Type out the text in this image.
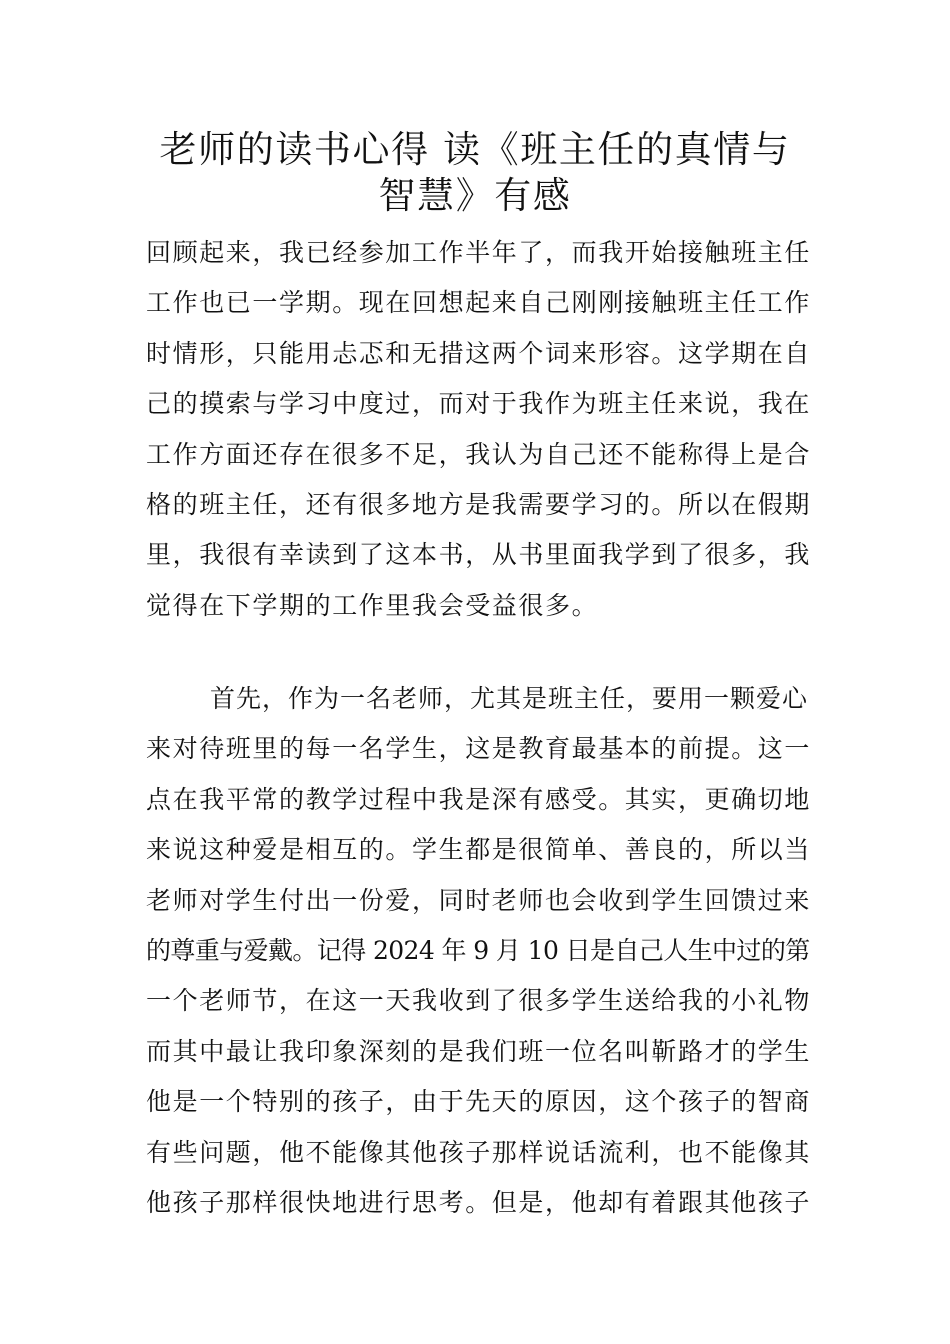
老师的读书心得 读《班主任的真情与
智慧》有感
回顾起来，我已经参加工作半年了，而我开始接触班主任
工作也已一学期。现在回想起来自己刚刚接触班主任工作
时情形，只能用忐忑和无措这两个词来形容。这学期在自
己的摸索与学习中度过，而对于我作为班主任来说，我在
工作方面还存在很多不足，我认为自己还不能称得上是合
格的班主任，还有很多地方是我需要学习的。所以在假期
里，我很有幸读到了这本书，从书里面我学到了很多，我
觉得在下学期的工作里我会受益很多。
首先，作为一名老师，尤其是班主任，要用一颗爱心
来对待班里的每一名学生，这是教育最基本的前提。这一
点在我平常的教学过程中我是深有感受。其实，更确切地
来说这种爱是相互的。学生都是很简单、善良的，所以当
老师对学生付出一份爱，同时老师也会收到学生回馈过来
的尊重与爱戴。记得 2024 年 9 月 10 日是自己人生中过的第
一个老师节，在这一天我收到了很多学生送给我的小礼物
而其中最让我印象深刻的是我们班一位名叫靳路才的学生
他是一个特别的孩子，由于先天的原因，这个孩子的智商
有些问题，他不能像其他孩子那样说话流利，也不能像其
他孩子那样很快地进行思考。但是，他却有着跟其他孩子
